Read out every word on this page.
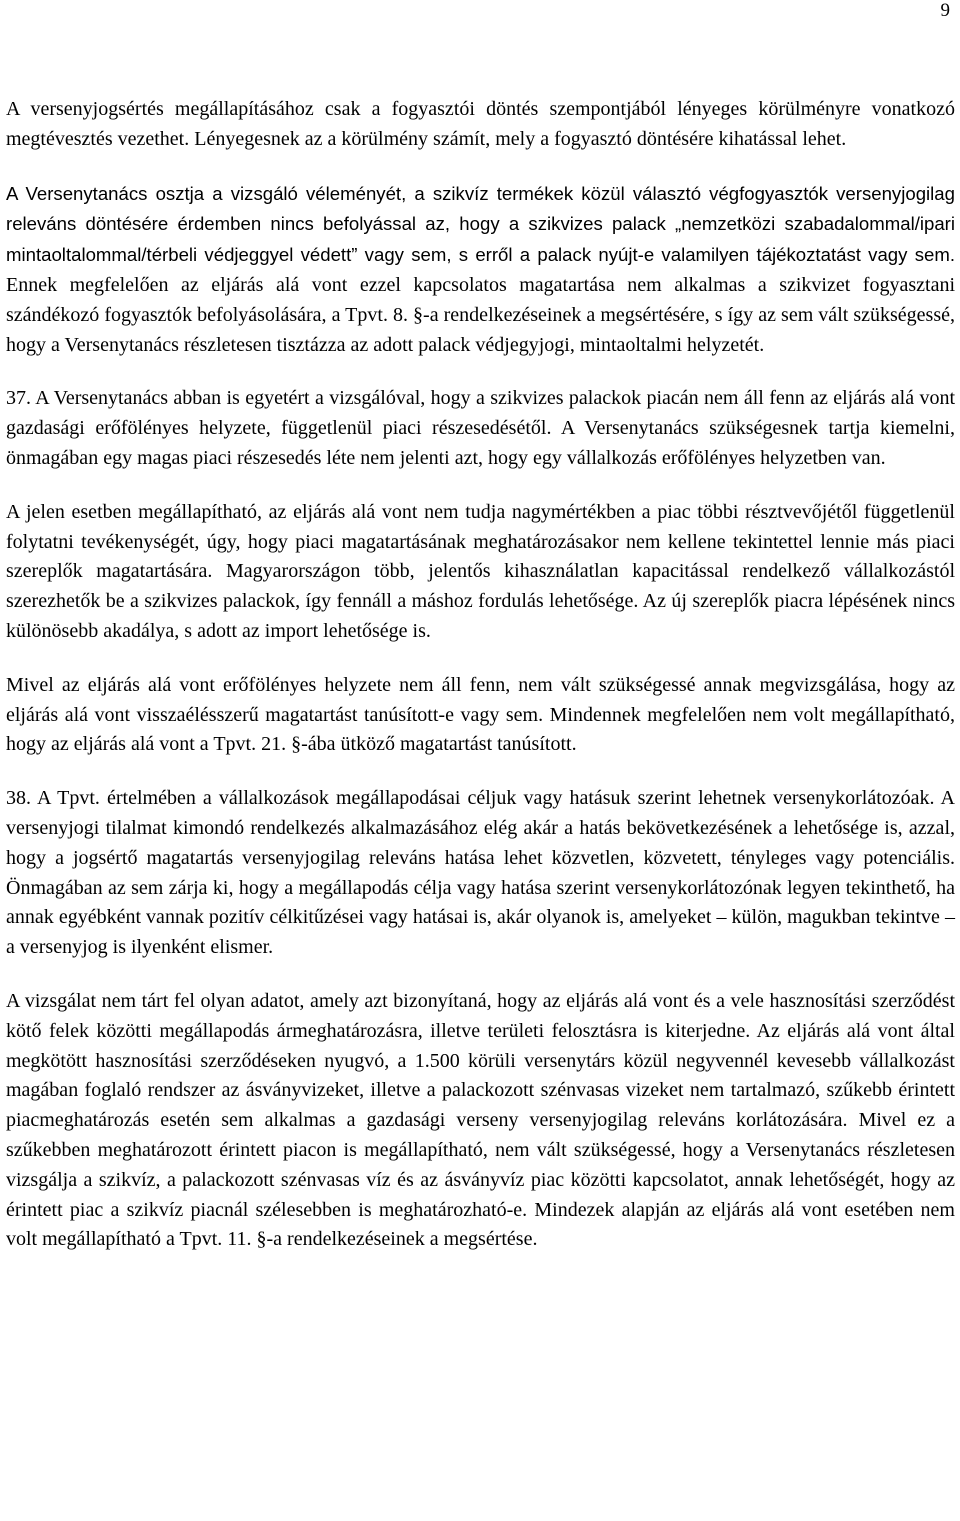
9

A versenyjogsértés megállapításához csak a fogyasztói döntés szempontjából lényeges körülményre vonatkozó megtévesztés vezethet. Lényegesnek az a körülmény számít, mely a fogyasztó döntésére kihatással lehet.

A Versenytanács osztja a vizsgáló véleményét, a szikvíz termékek közül választó végfogyasztók versenyjogilag releváns döntésére érdemben nincs befolyással az, hogy a szikvizes palack „nemzetközi szabadalommal/ipari mintaoltalommal/térbeli védjeggyel védett” vagy sem, s erről a palack nyújt-e valamilyen tájékoztatást vagy sem. Ennek megfelelően az eljárás alá vont ezzel kapcsolatos magatartása nem alkalmas a szikvizet fogyasztani szándékozó fogyasztók befolyásolására, a Tpvt. 8. §-a rendelkezéseinek a megsértésére, s így az sem vált szükségessé, hogy a Versenytanács részletesen tisztázza az adott palack védjegyjogi, mintaoltalmi helyzetét.

37. A Versenytanács abban is egyetért a vizsgálóval, hogy a szikvizes palackok piacán nem áll fenn az eljárás alá vont gazdasági erőfölényes helyzete, függetlenül piaci részesedésétől. A Versenytanács szükségesnek tartja kiemelni, önmagában egy magas piaci részesedés léte nem jelenti azt, hogy egy vállalkozás erőfölényes helyzetben van.

A jelen esetben megállapítható, az eljárás alá vont nem tudja nagymértékben a piac többi résztvevőjétől függetlenül folytatni tevékenységét, úgy, hogy piaci magatartásának meghatározásakor nem kellene tekintettel lennie más piaci szereplők magatartására. Magyarországon több, jelentős kihasználatlan kapacitással rendelkező vállalkozástól szerezhetők be a szikvizes palackok, így fennáll a máshoz fordulás lehetősége. Az új szereplők piacra lépésének nincs különösebb akadálya, s adott az import lehetősége is.

Mivel az eljárás alá vont erőfölényes helyzete nem áll fenn, nem vált szükségessé annak megvizsgálása, hogy az eljárás alá vont visszaélésszerű magatartást tanúsított-e vagy sem. Mindennek megfelelően nem volt megállapítható, hogy az eljárás alá vont a Tpvt. 21. §-ába ütköző magatartást tanúsított.

38. A Tpvt. értelmében a vállalkozások megállapodásai céljuk vagy hatásuk szerint lehetnek versenykorlátozóak. A versenyjogi tilalmat kimondó rendelkezés alkalmazásához elég akár a hatás bekövetkezésének a lehetősége is, azzal, hogy a jogsértő magatartás versenyjogilag releváns hatása lehet közvetlen, közvetett, tényleges vagy potenciális. Önmagában az sem zárja ki, hogy a megállapodás célja vagy hatása szerint versenykorlátozónak legyen tekinthető, ha annak egyébként vannak pozitív célkitűzései vagy hatásai is, akár olyanok is, amelyeket – külön, magukban tekintve – a versenyjog is ilyenként elismer.

A vizsgálat nem tárt fel olyan adatot, amely azt bizonyítaná, hogy az eljárás alá vont és a vele hasznosítási szerződést kötő felek közötti megállapodás ármeghatározásra, illetve területi felosztásra is kiterjedne. Az eljárás alá vont által megkötött hasznosítási szerződéseken nyugvó, a 1.500 körüli versenytárs közül negyvennél kevesebb vállalkozást magában foglaló rendszer az ásványvizeket, illetve a palackozott szénvasas vizeket nem tartalmazó, szűkebb érintett piacmeghatározás esetén sem alkalmas a gazdasági verseny versenyjogilag releváns korlátozására. Mivel ez a szűkebben meghatározott érintett piacon is megállapítható, nem vált szükségessé, hogy a Versenytanács részletesen vizsgálja a szikvíz, a palackozott szénvasas víz és az ásványvíz piac közötti kapcsolatot, annak lehetőségét, hogy az érintett piac a szikvíz piacnál szélesebben is meghatározható-e. Mindezek alapján az eljárás alá vont esetében nem volt megállapítható a Tpvt. 11. §-a rendelkezéseinek a megsértése.
